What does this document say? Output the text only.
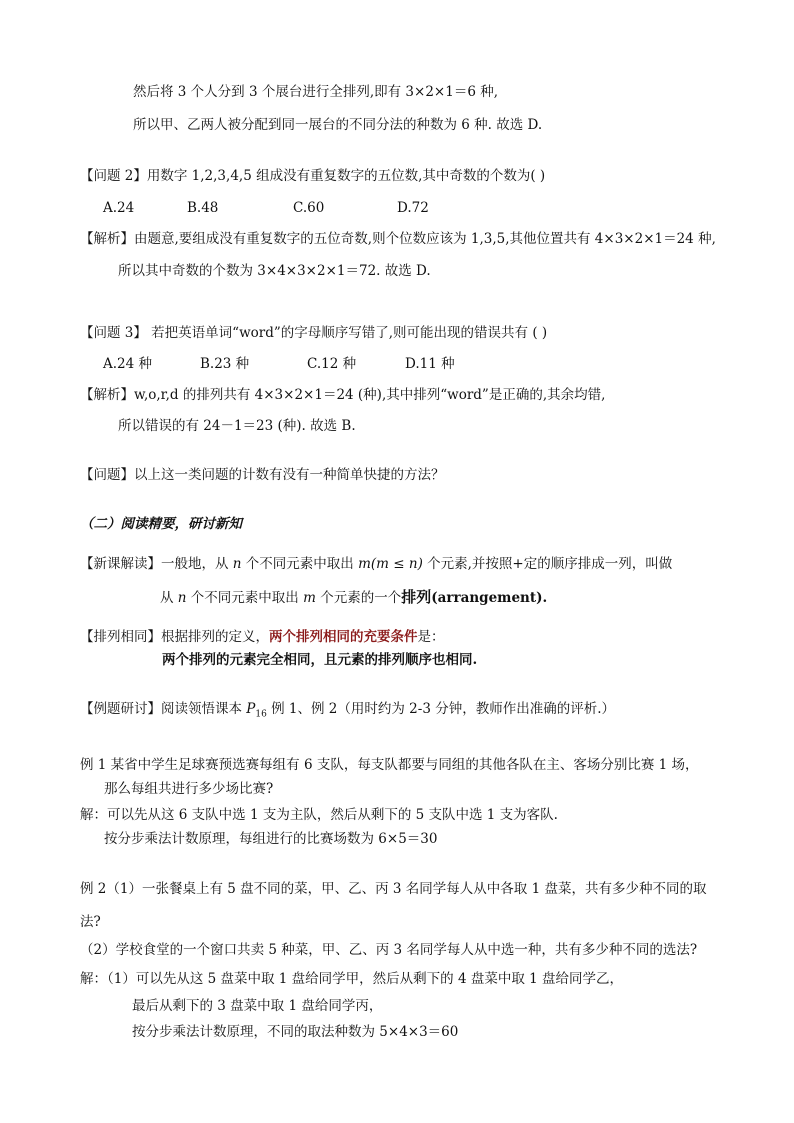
然后将 3 个人分到 3 个展台进行全排列,即有 3×2×1＝6 种,
所以甲、乙两人被分配到同一展台的不同分法的种数为 6 种. 故选 D.
【问题 2】用数字 1,2,3,4,5 组成没有重复数字的五位数,其中奇数的个数为( )
A.24	B.48	C.60	D.72
【解析】由题意,要组成没有重复数字的五位奇数,则个位数应该为 1,3,5,其他位置共有 4×3×2×1＝24 种,
所以其中奇数的个数为 3×4×3×2×1＝72. 故选 D.
【问题 3】 若把英语单词“word”的字母顺序写错了,则可能出现的错误共有 ( )
A.24 种	B.23 种	C.12 种	D.11 种
【解析】w,o,r,d 的排列共有 4×3×2×1＝24 (种),其中排列“word”是正确的,其余均错,
所以错误的有 24－1＝23 (种). 故选 B.
【问题】以上这一类问题的计数有没有一种简单快捷的方法？
（二）阅读精要，研讨新知
【新课解读】一般地，从 n 个不同元素中取出 m(m ≤ n) 个元素,并按照+定的顺序排成一列，叫做
从 n 个不同元素中取出 m 个元素的一个排列(arrangement).
【排列相同】根据排列的定义，两个排列相同的充要条件是：
两个排列的元素完全相同，且元素的排列顺序也相同.
【例题研讨】阅读领悟课本 $P_{16}$ 例 1、例 2（用时约为 2-3 分钟，教师作出准确的评析.）
例 1 某省中学生足球赛预选赛每组有 6 支队，每支队都要与同组的其他各队在主、客场分别比赛 1 场，
那么每组共进行多少场比赛?
解：可以先从这 6 支队中选 1 支为主队，然后从剩下的 5 支队中选 1 支为客队.
按分步乘法计数原理，每组进行的比赛场数为 6×5＝30
例 2（1）一张餐桌上有 5 盘不同的菜，甲、乙、丙 3 名同学每人从中各取 1 盘菜，共有多少种不同的取
法?
（2）学校食堂的一个窗口共卖 5 种菜，甲、乙、丙 3 名同学每人从中选一种，共有多少种不同的选法?
解：（1）可以先从这 5 盘菜中取 1 盘给同学甲，然后从剩下的 4 盘菜中取 1 盘给同学乙，
最后从剩下的 3 盘菜中取 1 盘给同学丙，
按分步乘法计数原理，不同的取法种数为 5×4×3＝60
